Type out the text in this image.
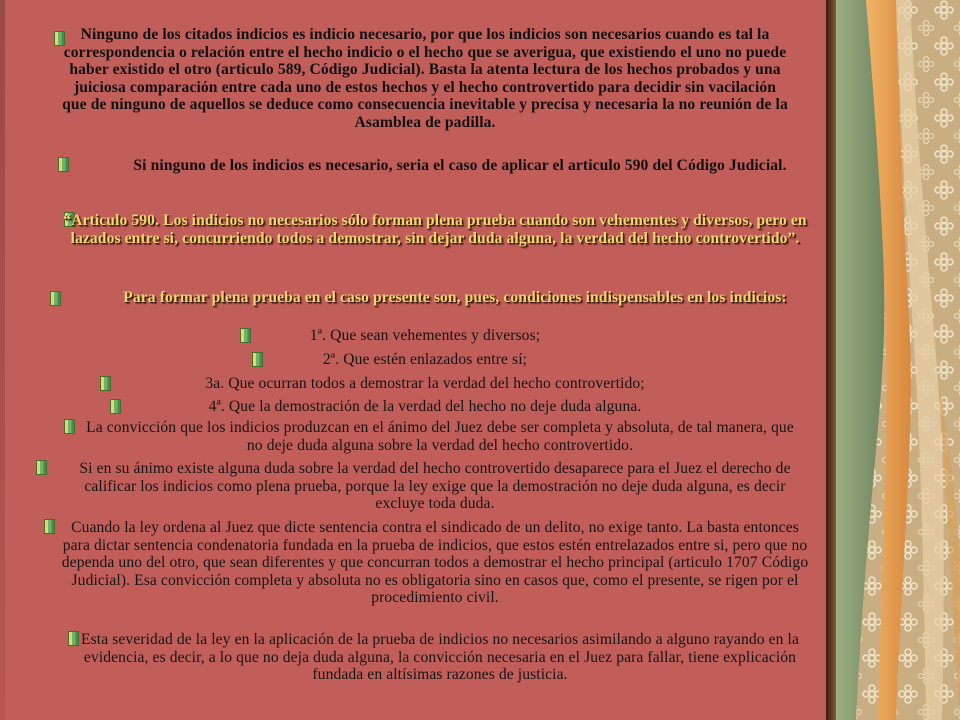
Ninguno de los citados indicios es indicio necesario, por que los indicios son necesarios cuando es tal la correspondencia o relación entre el hecho indicio o el hecho que se averigua, que existiendo el uno no puede haber existido el otro (articulo 589, Código Judicial). Basta la atenta lectura de los hechos probados y una juiciosa comparación entre cada uno de estos hechos y el hecho controvertido para decidir sin vacilación que de ninguno de aquellos se deduce como consecuencia inevitable y precisa y necesaria la no reunión de la Asamblea de padilla.
Si ninguno de los indicios es necesario, seria el caso de aplicar el articulo 590 del Código Judicial.
“Articulo 590. Los indicios no necesarios sólo forman plena prueba cuando son vehementes y diversos, pero en lazados entre si, concurriendo todos a demostrar, sin dejar duda alguna, la verdad del hecho controvertido”.
Para formar plena prueba en el caso presente son, pues, condiciones indispensables en los indicios:
1ª. Que sean vehementes y diversos;
2ª. Que estén enlazados entre sí;
3a. Que ocurran todos a demostrar la verdad del hecho controvertido;
4ª. Que la demostración de la verdad del hecho no deje duda alguna.
La convicción que los indicios produzcan en el ánimo del Juez debe ser completa y absoluta, de tal manera, que no deje duda alguna sobre la verdad del hecho controvertido.
Si en su ánimo existe alguna duda sobre la verdad del hecho controvertido desaparece para el Juez el derecho de calificar los indicios como plena prueba, porque la ley exige que la demostración no deje duda alguna, es decir excluye toda duda.
Cuando la ley ordena al Juez que dicte sentencia contra el sindicado de un delito, no exige tanto. La basta entonces para dictar sentencia condenatoria fundada en la prueba de indicios, que estos estén entrelazados entre si, pero que no dependa uno del otro, que sean diferentes y que concurran todos a demostrar el hecho principal (articulo 1707 Código Judicial). Esa convicción completa y absoluta no es obligatoria sino en casos que, como el presente, se rigen por el procedimiento civil.
Esta severidad de la ley en la aplicación de la prueba de indicios no necesarios asimilando a alguno rayando en la evidencia, es decir, a lo que no deja duda alguna, la convicción necesaria en el Juez para fallar, tiene explicación fundada en altísimas razones de justicia.
